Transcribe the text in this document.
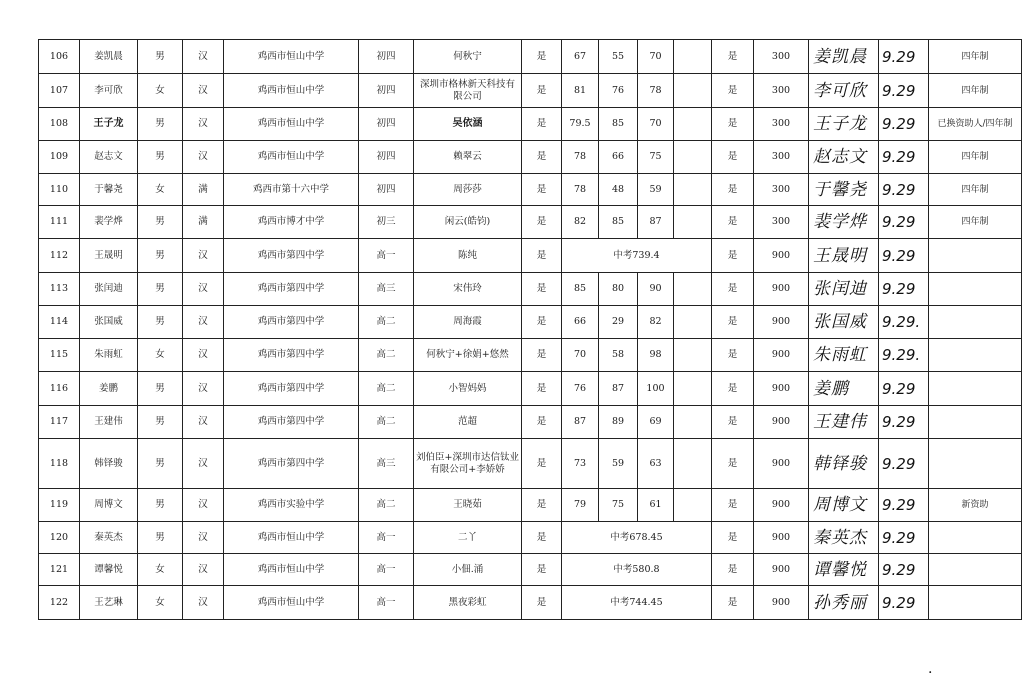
106	姜凯晨	男	汉	鸡西市恒山中学	初四	何秋宁	是	67	55	70		是	300	姜凯晨	9.29	四年制
107	李可欣	女	汉	鸡西市恒山中学	初四	深圳市格林新天科技有限公司	是	81	76	78		是	300	李可欣	9.29	四年制
108	王子龙	男	汉	鸡西市恒山中学	初四	吴依涵	是	79.5	85	70		是	300	王子龙	9.29	已换资助人/四年制
109	赵志文	男	汉	鸡西市恒山中学	初四	赖翠云	是	78	66	75		是	300	赵志文	9.29	四年制
110	于馨尧	女	满	鸡西市第十六中学	初四	周莎莎	是	78	48	59		是	300	于馨尧	9.29	四年制
111	裴学烨	男	满	鸡西市博才中学	初三	闲云(皓钧)	是	82	85	87		是	300	裴学烨	9.29	四年制
112	王晟明	男	汉	鸡西市第四中学	高一	陈纯	是	中考739.4				是	900	王晟明	9.29	
113	张闰迪	男	汉	鸡西市第四中学	高三	宋伟玲	是	85	80	90		是	900	张闰迪	9.29	
114	张国威	男	汉	鸡西市第四中学	高二	周海霞	是	66	29	82		是	900	张国威	9.29.	
115	朱雨虹	女	汉	鸡西市第四中学	高二	何秋宁+徐娟+悠然	是	70	58	98		是	900	朱雨虹	9.29.	
116	姜鹏	男	汉	鸡西市第四中学	高二	小智妈妈	是	76	87	100		是	900	姜鹏	9.29	
117	王建伟	男	汉	鸡西市第四中学	高二	范超	是	87	89	69		是	900	王建伟	9.29	
118	韩铎骏	男	汉	鸡西市第四中学	高三	刘伯臣+深圳市达信钛业有限公司+李娇娇	是	73	59	63		是	900	韩铎骏	9.29	
119	周博文	男	汉	鸡西市实验中学	高二	王晓茹	是	79	75	61		是	900	周博文	9.29	新资助
120	秦英杰	男	汉	鸡西市恒山中学	高一	二丫	是	中考678.45				是	900	秦英杰	9.29	
121	谭馨悦	女	汉	鸡西市恒山中学	高一	小佃.涌	是	中考580.8				是	900	谭馨悦	9.29	
122	王艺琳	女	汉	鸡西市恒山中学	高一	黑夜彩虹	是	中考744.45				是	900	孙秀丽	9.29	
.
